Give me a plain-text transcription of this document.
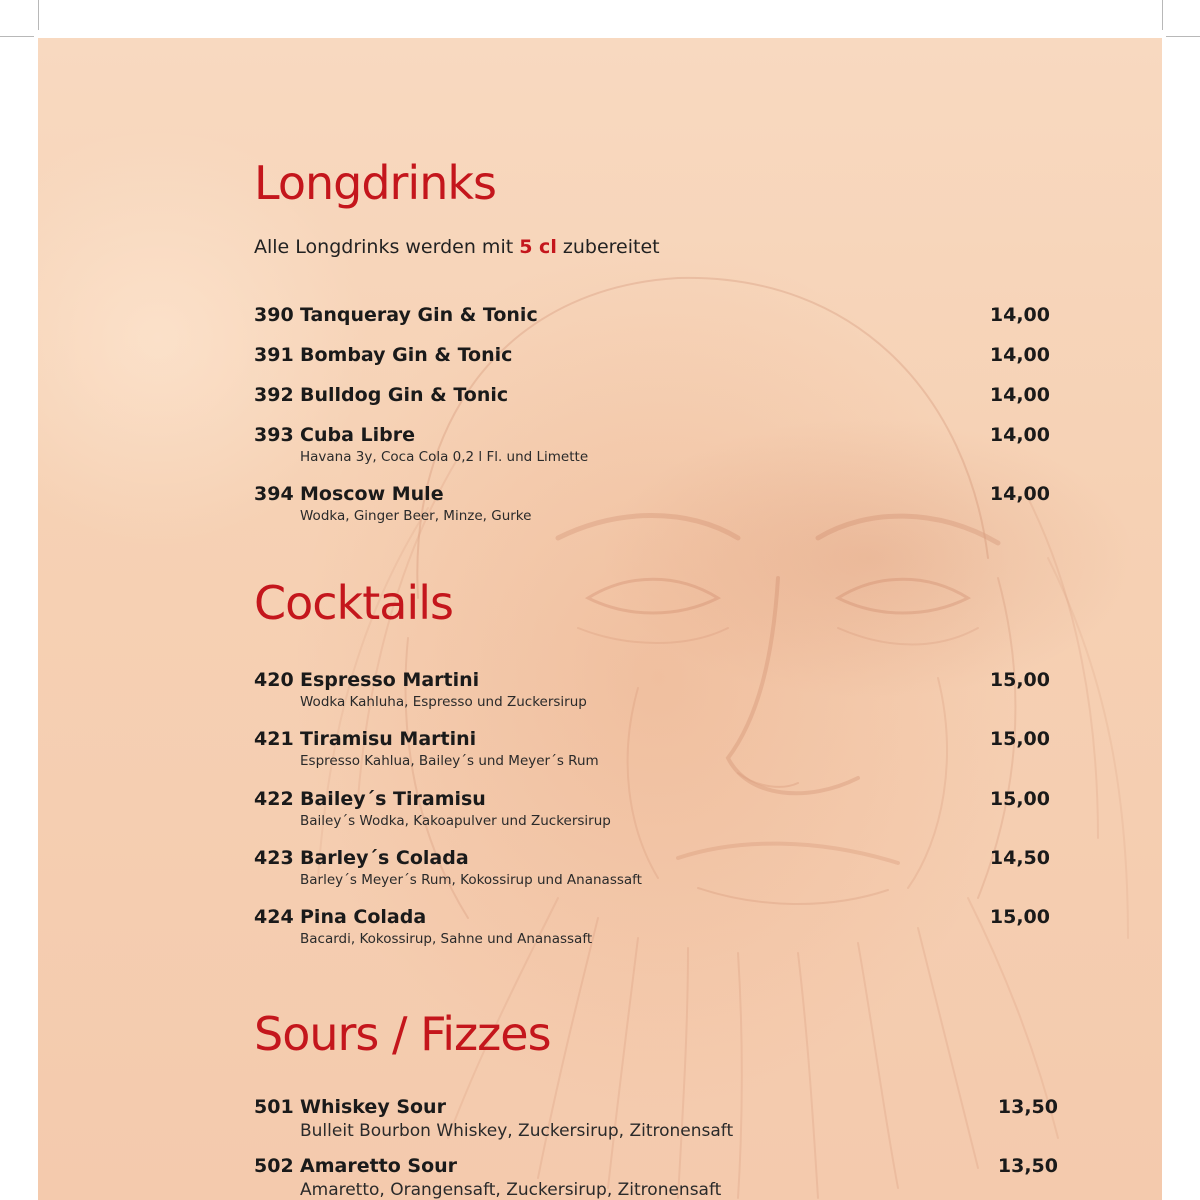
Longdrinks
Alle Longdrinks werden mit 5 cl zubereitet
390 Tanqueray Gin & Tonic	14,00
391 Bombay Gin & Tonic	14,00
392 Bulldog Gin & Tonic	14,00
393 Cuba Libre	14,00
Havana 3y, Coca Cola 0,2 l Fl. und Limette
394 Moscow Mule	14,00
Wodka, Ginger Beer, Minze, Gurke
Cocktails
420 Espresso Martini	15,00
Wodka Kahluha, Espresso und Zuckersirup
421 Tiramisu Martini	15,00
Espresso Kahlua, Bailey´s und Meyer´s Rum
422 Bailey´s Tiramisu	15,00
Bailey´s Wodka, Kakoapulver und Zuckersirup
423 Barley´s Colada	14,50
Barley´s Meyer´s Rum, Kokossirup und Ananassaft
424 Pina Colada	15,00
Bacardi, Kokossirup, Sahne und Ananassaft
Sours / Fizzes
501 Whiskey Sour	13,50
Bulleit Bourbon Whiskey, Zuckersirup, Zitronensaft
502 Amaretto Sour	13,50
Amaretto, Orangensaft, Zuckersirup, Zitronensaft
